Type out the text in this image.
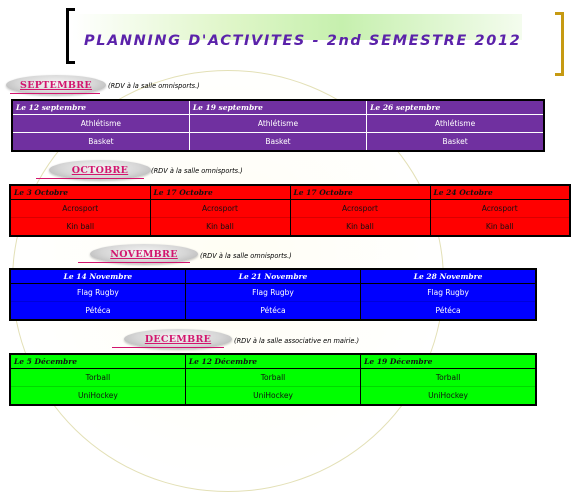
PLANNING D'ACTIVITES - 2nd SEMESTRE 2012
SEPTEMBRE (RDV à la salle omnisports.)
Le 12 septembre	Le 19 septembre	Le 26 septembre
Athlétisme	Athlétisme	Athlétisme
Basket	Basket	Basket
OCTOBRE	(RDV à la salle omnisports.)
Le 3 Octobre	Le 17 Octobre	Le 17 Octobre	Le 24 Octobre
Acrosport	Acrosport	Acrosport	Acrosport
Kin ball	Kin ball	Kin ball	Kin ball
NOVEMBRE	(RDV à la salle omnisports.)
Le 14 Novembre	Le 21 Novembre	Le 28 Novembre
Flag Rugby	Flag Rugby	Flag Rugby
Pétéca	Pétéca	Pétéca
DECEMBRE	(RDV à la salle associative en mairie.)
Le 5 Décembre	Le 12 Décembre	Le 19 Décembre
Torball	Torball	Torball
UniHockey	UniHockey	UniHockey
